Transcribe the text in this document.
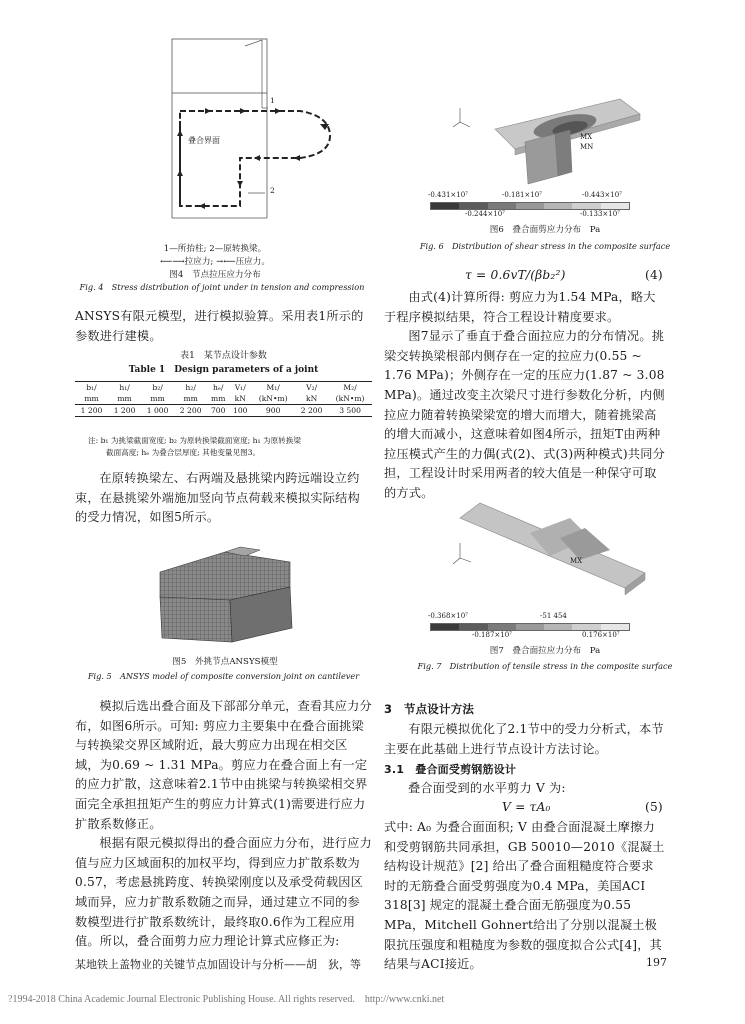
1
2
叠合界面
1—所抬柱; 2—原转换梁。
⟵⟶拉应力; →⟵压应力。
图4　节点拉压应力分布
Fig. 4　Stress distribution of joint under in tension and compression

ANSYS有限元模型，进行模拟验算。采用表1所示的参数进行建模。

表1　某节点设计参数
Table 1　Design parameters of a joint
b₁/	h₁/	b₂/	h₂/	hₑ/	V₁/	M₁/	V₂/	M₂/
mm	mm	mm	mm	mm	kN	(kN•m)	kN	(kN•m)
1 200	1 200	1 000	2 200	700	100	900	2 200	3 500
注: b₁ 为挑梁截面宽度; b₂ 为原转换梁截面宽度; h₁ 为原转换梁
截面高度; hₑ 为叠合层厚度; 其他变量见图3。

在原转换梁左、右两端及悬挑梁内跨远端设立约束，在悬挑梁外端施加竖向节点荷载来模拟实际结构的受力情况，如图5所示。

图5　外挑节点ANSYS模型
Fig. 5　ANSYS model of composite conversion joint on cantilever

模拟后选出叠合面及下部部分单元，查看其应力分布，如图6所示。可知: 剪应力主要集中在叠合面挑梁与转换梁交界区域附近，最大剪应力出现在相交区域，为0.69 ~ 1.31 MPa。剪应力在叠合面上有一定的应力扩散，这意味着2.1节中由挑梁与转换梁相交界面完全承担扭矩产生的剪应力计算式(1)需要进行应力扩散系数修正。

根据有限元模拟得出的叠合面应力分布，进行应力值与应力区域面积的加权平均，得到应力扩散系数为0.57，考虑悬挑跨度、转换梁刚度以及承受荷载因区域而异，应力扩散系数随之而异，通过建立不同的参数模型进行扩散系数统计，最终取0.6作为工程应用值。所以，叠合面剪力应力理论计算式应修正为:

MX
MN
-0.431×10⁷	-0.181×10⁷	-0.443×10⁷
-0.244×10⁷	-0.133×10⁷
图6　叠合面剪应力分布　Pa
Fig. 6　Distribution of shear stress in the composite surface
τ = 0.6vT/(βb₂²)	(4)

由式(4)计算所得: 剪应力为1.54 MPa，略大于程序模拟结果，符合工程设计精度要求。

图7显示了垂直于叠合面拉应力的分布情况。挑梁交转换梁根部内侧存在一定的拉应力(0.55 ~ 1.76 MPa)；外侧存在一定的压应力(1.87 ~ 3.08 MPa)。通过改变主次梁尺寸进行参数化分析，内侧拉应力随着转换梁梁宽的增大而增大，随着挑梁高的增大而减小，这意味着如图4所示，扭矩T由两种拉压模式产生的力偶(式(2)、式(3)两种模式)共同分担，工程设计时采用两者的较大值是一种保守可取的方式。

MX
-0.368×10⁷	-51 454
-0.187×10⁷	0.176×10⁷
图7　叠合面拉应力分布　Pa
Fig. 7　Distribution of tensile stress in the composite surface
3　节点设计方法

有限元模拟优化了2.1节中的受力分析式，本节主要在此基础上进行节点设计方法讨论。

3.1　叠合面受剪钢筋设计
叠合面受到的水平剪力 V 为:
V = τA₀	(5)

式中: A₀ 为叠合面面积; V 由叠合面混凝土摩擦力和受剪钢筋共同承担，GB 50010—2010《混凝土结构设计规范》[2] 给出了叠合面粗糙度符合要求时的无筋叠合面受剪强度为0.4 MPa，美国ACI 318[3] 规定的混凝土叠合面无筋强度为0.55 MPa，Mitchell Gohnert给出了分别以混凝土极限抗压强度和粗糙度为参数的强度拟合公式[4]，其结果与ACI接近。

某地铁上盖物业的关键节点加固设计与分析——胡　狄，等	197
?1994-2018 China Academic Journal Electronic Publishing House. All rights reserved.　http://www.cnki.net
